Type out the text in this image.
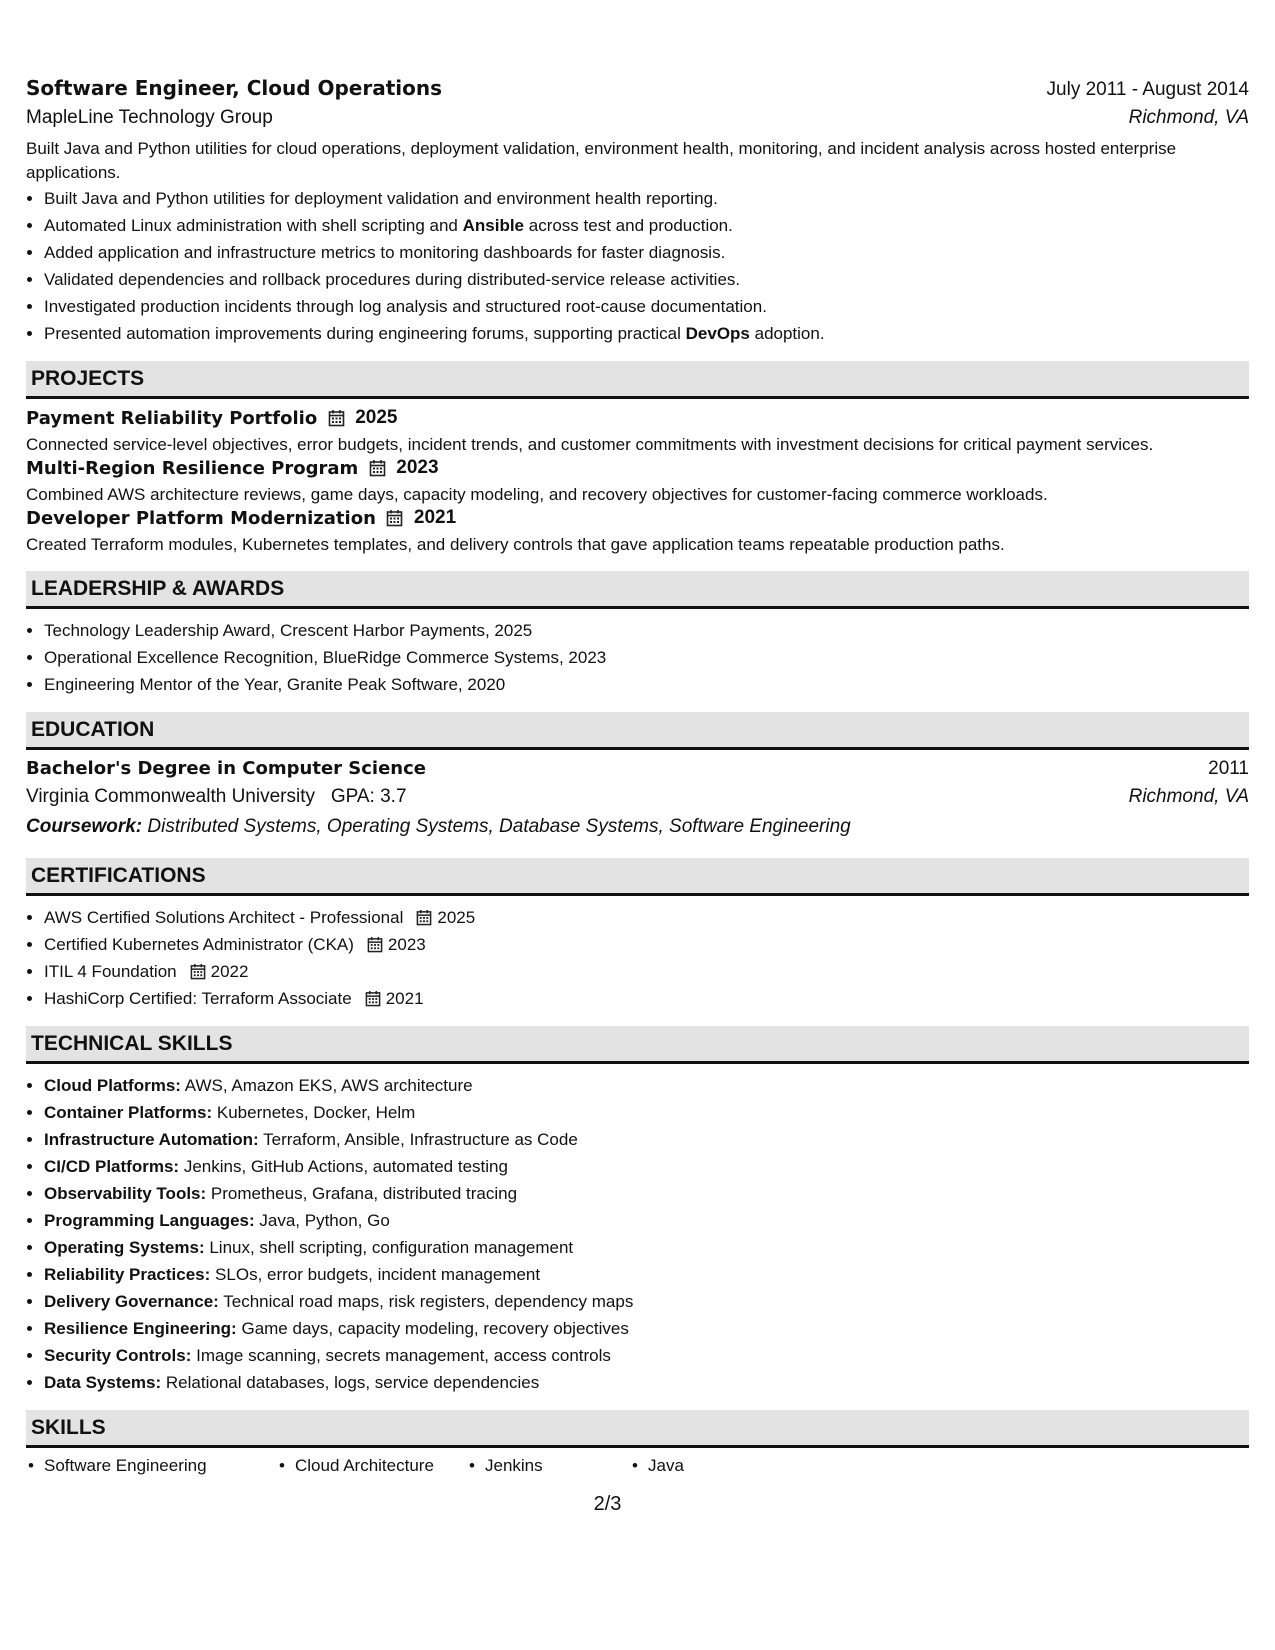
Software Engineer, Cloud Operations	July 2011 - August 2014
MapleLine Technology Group	Richmond, VA
Built Java and Python utilities for cloud operations, deployment validation, environment health, monitoring, and incident analysis across hosted enterprise applications.
• Built Java and Python utilities for deployment validation and environment health reporting.
• Automated Linux administration with shell scripting and Ansible across test and production.
• Added application and infrastructure metrics to monitoring dashboards for faster diagnosis.
• Validated dependencies and rollback procedures during distributed-service release activities.
• Investigated production incidents through log analysis and structured root-cause documentation.
• Presented automation improvements during engineering forums, supporting practical DevOps adoption.
PROJECTS
Payment Reliability Portfolio 2025
Connected service-level objectives, error budgets, incident trends, and customer commitments with investment decisions for critical payment services.
Multi-Region Resilience Program 2023
Combined AWS architecture reviews, game days, capacity modeling, and recovery objectives for customer-facing commerce workloads.
Developer Platform Modernization 2021
Created Terraform modules, Kubernetes templates, and delivery controls that gave application teams repeatable production paths.
LEADERSHIP & AWARDS
• Technology Leadership Award, Crescent Harbor Payments, 2025
• Operational Excellence Recognition, BlueRidge Commerce Systems, 2023
• Engineering Mentor of the Year, Granite Peak Software, 2020
EDUCATION
Bachelor's Degree in Computer Science	2011
Virginia Commonwealth University GPA: 3.7	Richmond, VA
Coursework: Distributed Systems, Operating Systems, Database Systems, Software Engineering
CERTIFICATIONS
• AWS Certified Solutions Architect - Professional 2025
• Certified Kubernetes Administrator (CKA) 2023
• ITIL 4 Foundation 2022
• HashiCorp Certified: Terraform Associate 2021
TECHNICAL SKILLS
• Cloud Platforms: AWS, Amazon EKS, AWS architecture
• Container Platforms: Kubernetes, Docker, Helm
• Infrastructure Automation: Terraform, Ansible, Infrastructure as Code
• CI/CD Platforms: Jenkins, GitHub Actions, automated testing
• Observability Tools: Prometheus, Grafana, distributed tracing
• Programming Languages: Java, Python, Go
• Operating Systems: Linux, shell scripting, configuration management
• Reliability Practices: SLOs, error budgets, incident management
• Delivery Governance: Technical road maps, risk registers, dependency maps
• Resilience Engineering: Game days, capacity modeling, recovery objectives
• Security Controls: Image scanning, secrets management, access controls
• Data Systems: Relational databases, logs, service dependencies
SKILLS
• Software Engineering	• Cloud Architecture	• Jenkins	• Java
2/3
